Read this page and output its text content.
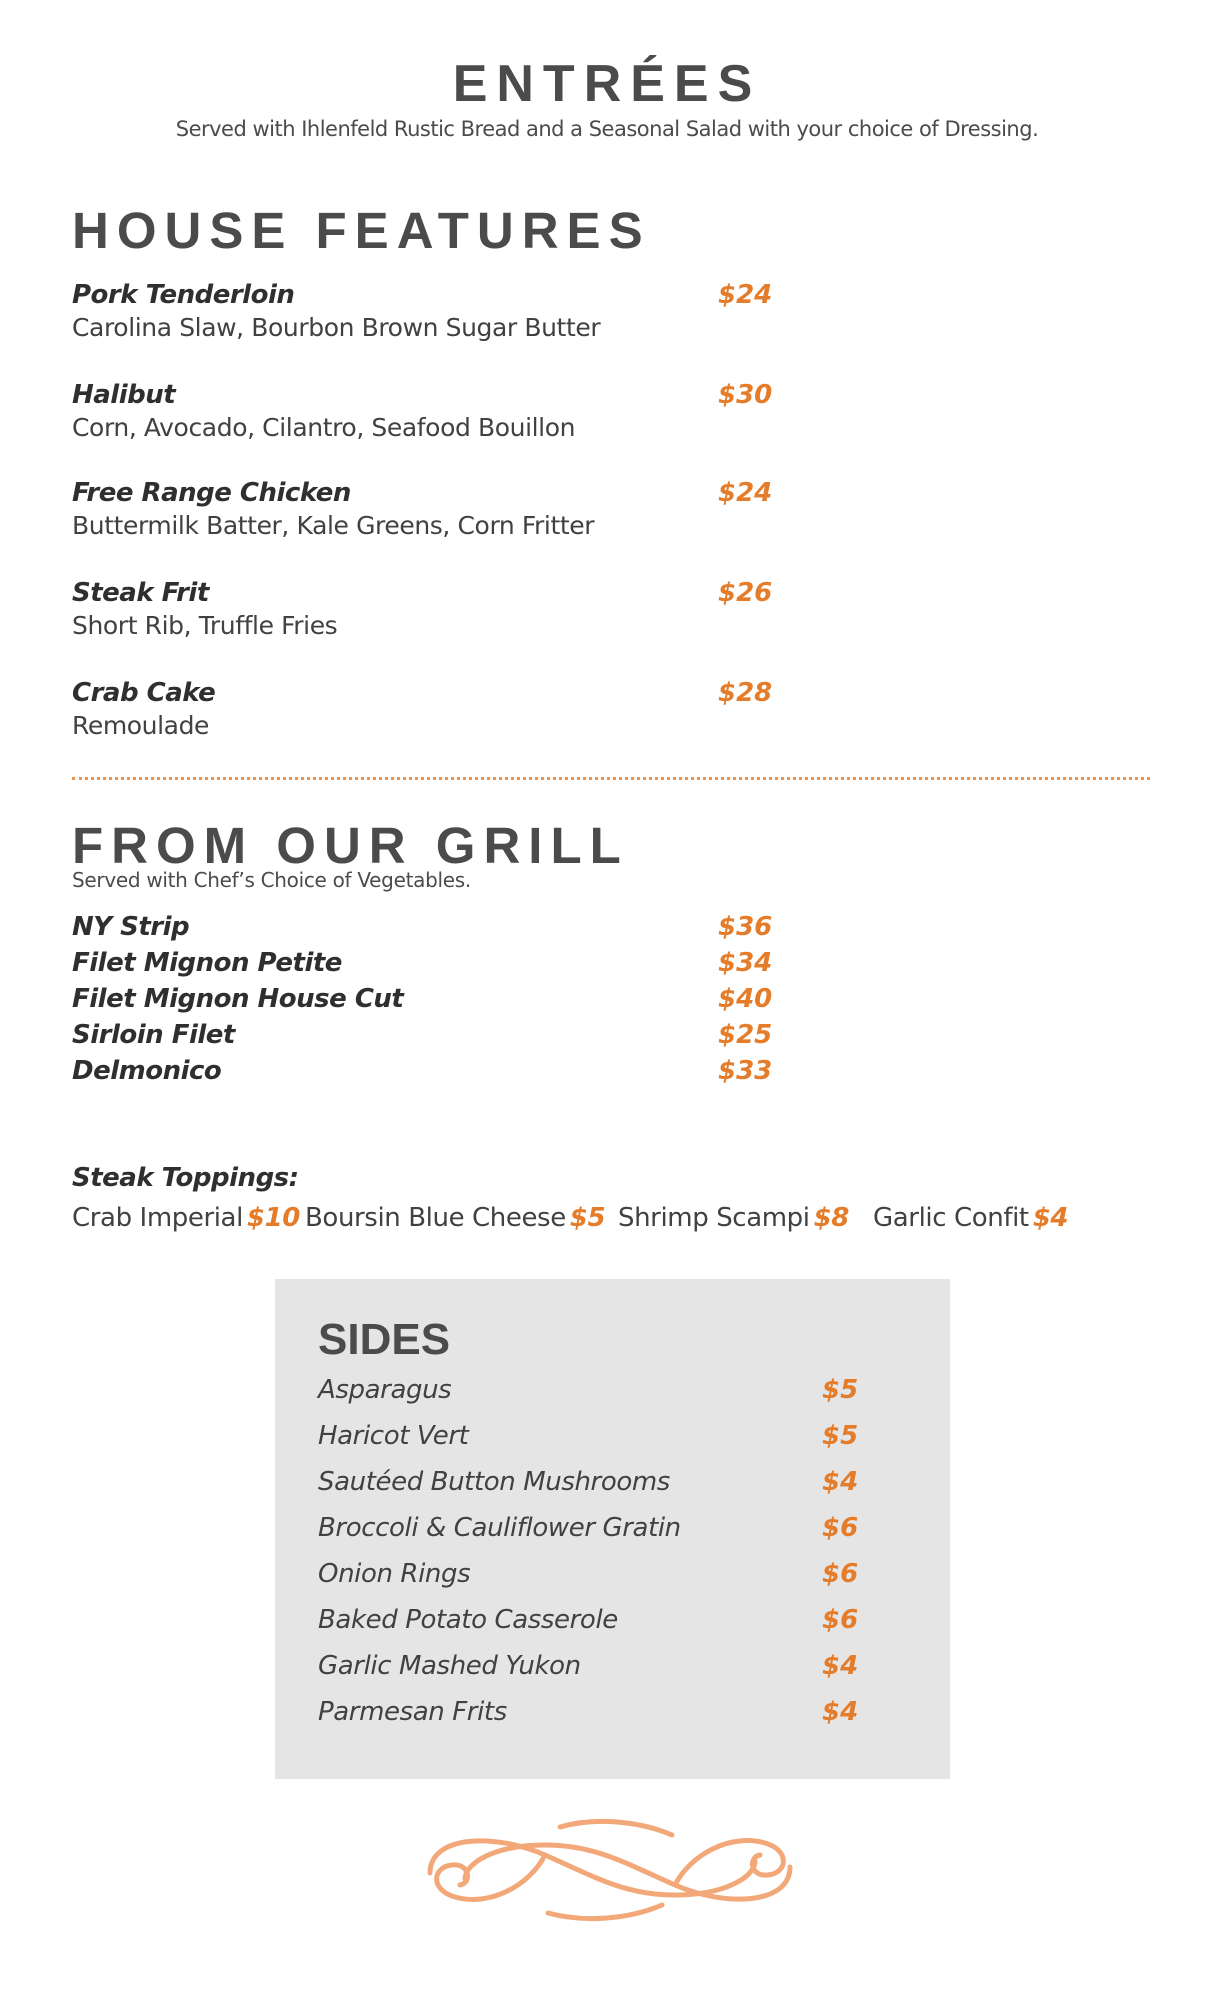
ENTRÉES
Served with Ihlenfeld Rustic Bread and a Seasonal Salad with your choice of Dressing.
HOUSE FEATURES
Pork Tenderloin	$24
Carolina Slaw, Bourbon Brown Sugar Butter
Halibut	$30
Corn, Avocado, Cilantro, Seafood Bouillon
Free Range Chicken	$24
Buttermilk Batter, Kale Greens, Corn Fritter
Steak Frit	$26
Short Rib, Truffle Fries
Crab Cake	$28
Remoulade
FROM OUR GRILL
Served with Chef’s Choice of Vegetables.
NY Strip	$36
Filet Mignon Petite	$34
Filet Mignon House Cut	$40
Sirloin Filet	$25
Delmonico	$33
Steak Toppings:
Crab Imperial $10 Boursin Blue Cheese $5 Shrimp Scampi $8 Garlic Confit $4
SIDES
Asparagus	$5
Haricot Vert	$5
Sautéed Button Mushrooms	$4
Broccoli & Cauliflower Gratin	$6
Onion Rings	$6
Baked Potato Casserole	$6
Garlic Mashed Yukon	$4
Parmesan Frits	$4
